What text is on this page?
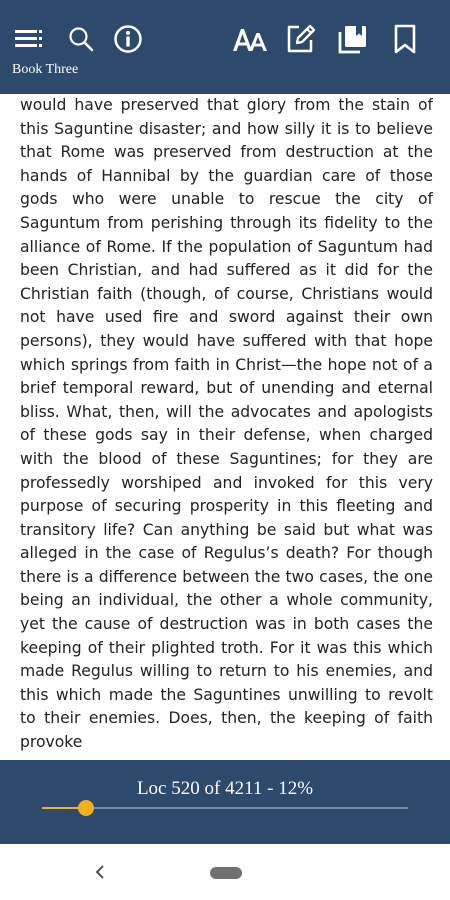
Book Three

would have preserved that glory from the stain of this Saguntine disaster; and how silly it is to believe that Rome was preserved from destruction at the hands of Hannibal by the guardian care of those gods who were unable to rescue the city of Saguntum from perishing through its fidelity to the alliance of Rome. If the population of Saguntum had been Christian, and had suffered as it did for the Christian faith (though, of course, Christians would not have used fire and sword against their own persons), they would have suffered with that hope which springs from faith in Christ—the hope not of a brief temporal reward, but of unending and eternal bliss. What, then, will the advocates and apologists of these gods say in their defense, when charged with the blood of these Saguntines; for they are professedly worshiped and invoked for this very purpose of securing prosperity in this fleeting and transitory life? Can anything be said but what was alleged in the case of Regulus’s death? For though there is a difference between the two cases, the one being an individual, the other a whole community, yet the cause of destruction was in both cases the keeping of their plighted troth. For it was this which made Regulus willing to return to his enemies, and this which made the Saguntines unwilling to revolt to their enemies. Does, then, the keeping of faith provoke

Loc 520 of 4211 - 12%
